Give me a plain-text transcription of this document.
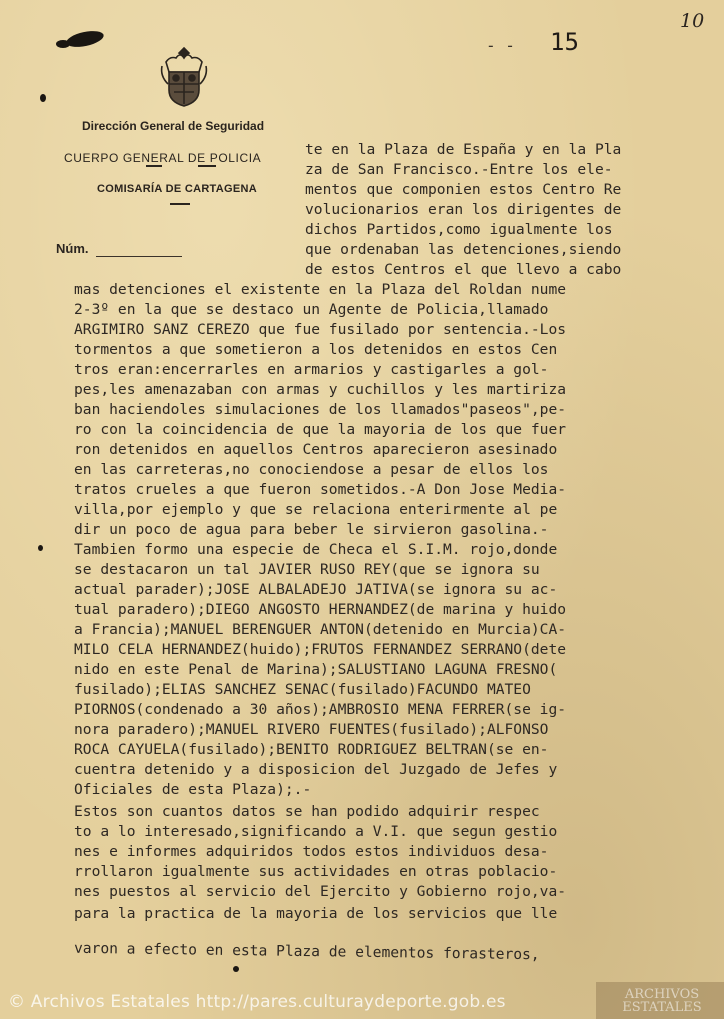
Dirección General de Seguridad
CUERPO GENERAL DE POLICIA
COMISARÍA DE CARTAGENA
Núm.
- - 15
10
te en la Plaza de España y en la Pla
za de San Francisco.-Entre los ele-
mentos que componien estos Centro Re
volucionarios eran los dirigentes de
dichos Partidos,como igualmente los
que ordenaban las detenciones,siendo
de estos Centros el que llevo a cabo
mas detenciones el existente en la Plaza del Roldan nume
2-3º en la que se destaco un Agente de Policia,llamado
ARGIMIRO SANZ CEREZO que fue fusilado por sentencia.-Los
tormentos a que sometieron a los detenidos en estos Cen
tros eran:encerrarles en armarios y castigarles a gol-
pes,les amenazaban con armas y cuchillos y les martiriza
ban haciendoles simulaciones de los llamados"paseos",pe-
ro con la coincidencia de que la mayoria de los que fuer
ron detenidos en aquellos Centros aparecieron asesinado
en las carreteras,no conociendose a pesar de ellos los
tratos crueles a que fueron sometidos.-A Don Jose Media-
villa,por ejemplo y que se relaciona enterirmente al pe
dir un poco de agua para beber le sirvieron gasolina.-
Tambien formo una especie de Checa el S.I.M. rojo,donde
se destacaron un tal JAVIER RUSO REY(que se ignora su
actual parader);JOSE ALBALADEJO JATIVA(se ignora su ac-
tual paradero);DIEGO ANGOSTO HERNANDEZ(de marina y huido
a Francia);MANUEL BERENGUER ANTON(detenido en Murcia)CA-
MILO CELA HERNANDEZ(huido);FRUTOS FERNANDEZ SERRANO(dete
nido en este Penal de Marina);SALUSTIANO LAGUNA FRESNO(
fusilado);ELIAS SANCHEZ SENAC(fusilado)FACUNDO MATEO
PIORNOS(condenado a 30 años);AMBROSIO MENA FERRER(se ig-
nora paradero);MANUEL RIVERO FUENTES(fusilado);ALFONSO
ROCA CAYUELA(fusilado);BENITO RODRIGUEZ BELTRAN(se en-
cuentra detenido y a disposicion del Juzgado de Jefes y
Oficiales de esta Plaza);.-
Estos son cuantos datos se han podido adquirir respec
to a lo interesado,significando a V.I. que segun gestio
nes e informes adquiridos todos estos individuos desa-
rrollaron igualmente sus actividades en otras poblacio-
nes puestos al servicio del Ejercito y Gobierno rojo,va-
para la practica de la mayoria de los servicios que lle
varon a efecto en esta Plaza de elementos forasteros,
ARCHIVOS ESTATALES
© Archivos Estatales http://pares.culturaydeporte.gob.es
